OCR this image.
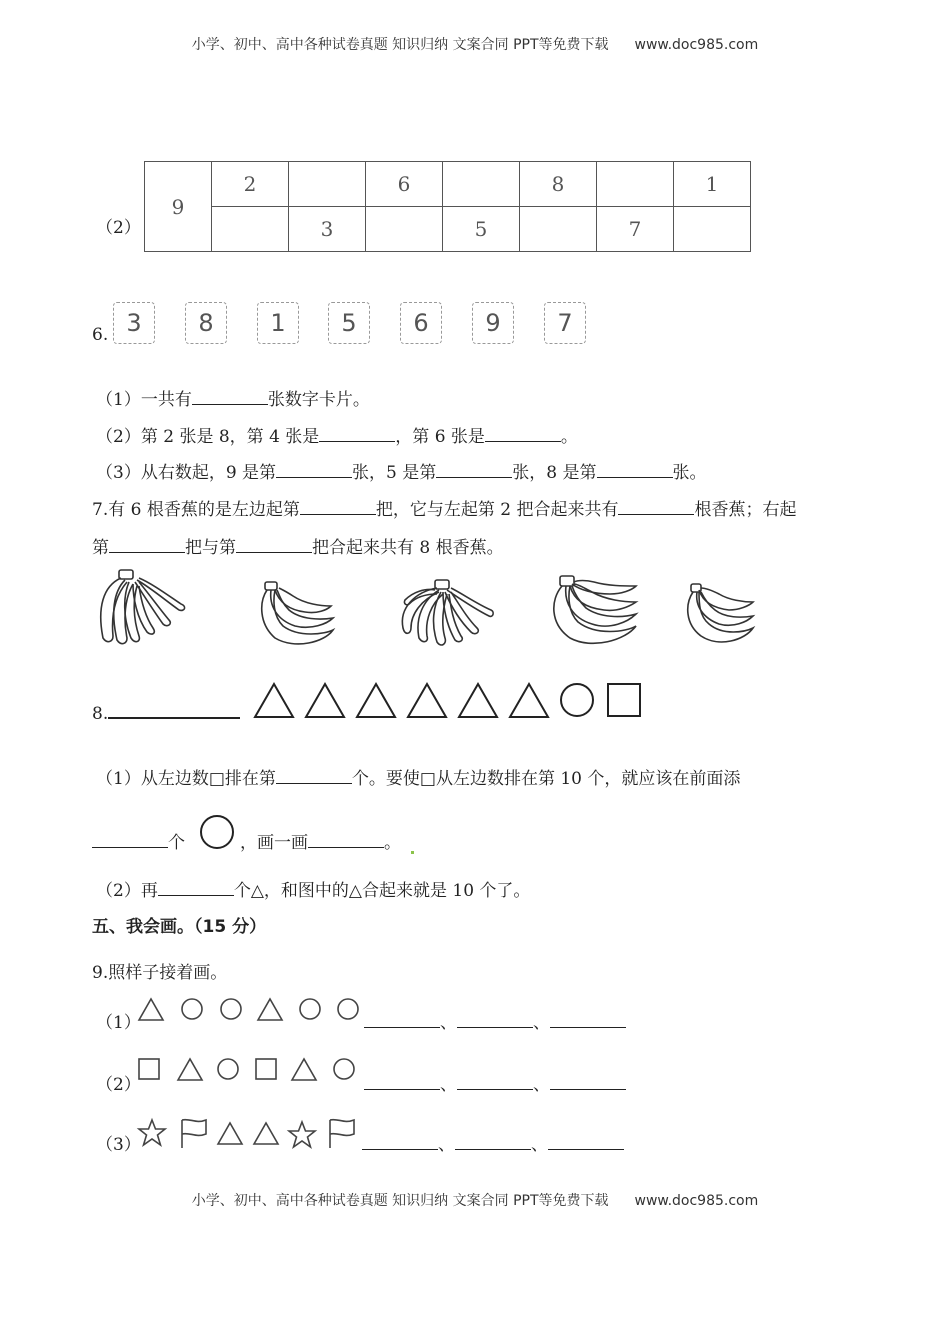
小学、初中、高中各种试卷真题 知识归纳 文案合同 PPT等免费下载 www.doc985.com
（2）
9	2		6		8		1
		3		5		7	
6. 3	8	1	5	6	9	7
（1）一共有	张数字卡片。
（2）第 2 张是 8，第 4 张是	，第 6 张是	。
（3）从右数起，9 是第	张，5 是第	张，8 是第	张。
7.有 6 根香蕉的是左边起第	把，它与左起第 2 把合起来共有	根香蕉；右起
第	把与第	把合起来共有 8 根香蕉。
8.
（1）从左边数□排在第	个。要使□从左边数排在第 10 个，就应该在前面添
个	，画一画	。
（2）再	个△，和图中的△合起来就是 10 个了。
五、我会画。（15 分）
9.照样子接着画。
（1）	、	、
（2）	、	、
（3）	、	、
小学、初中、高中各种试卷真题 知识归纳 文案合同 PPT等免费下载 www.doc985.com
